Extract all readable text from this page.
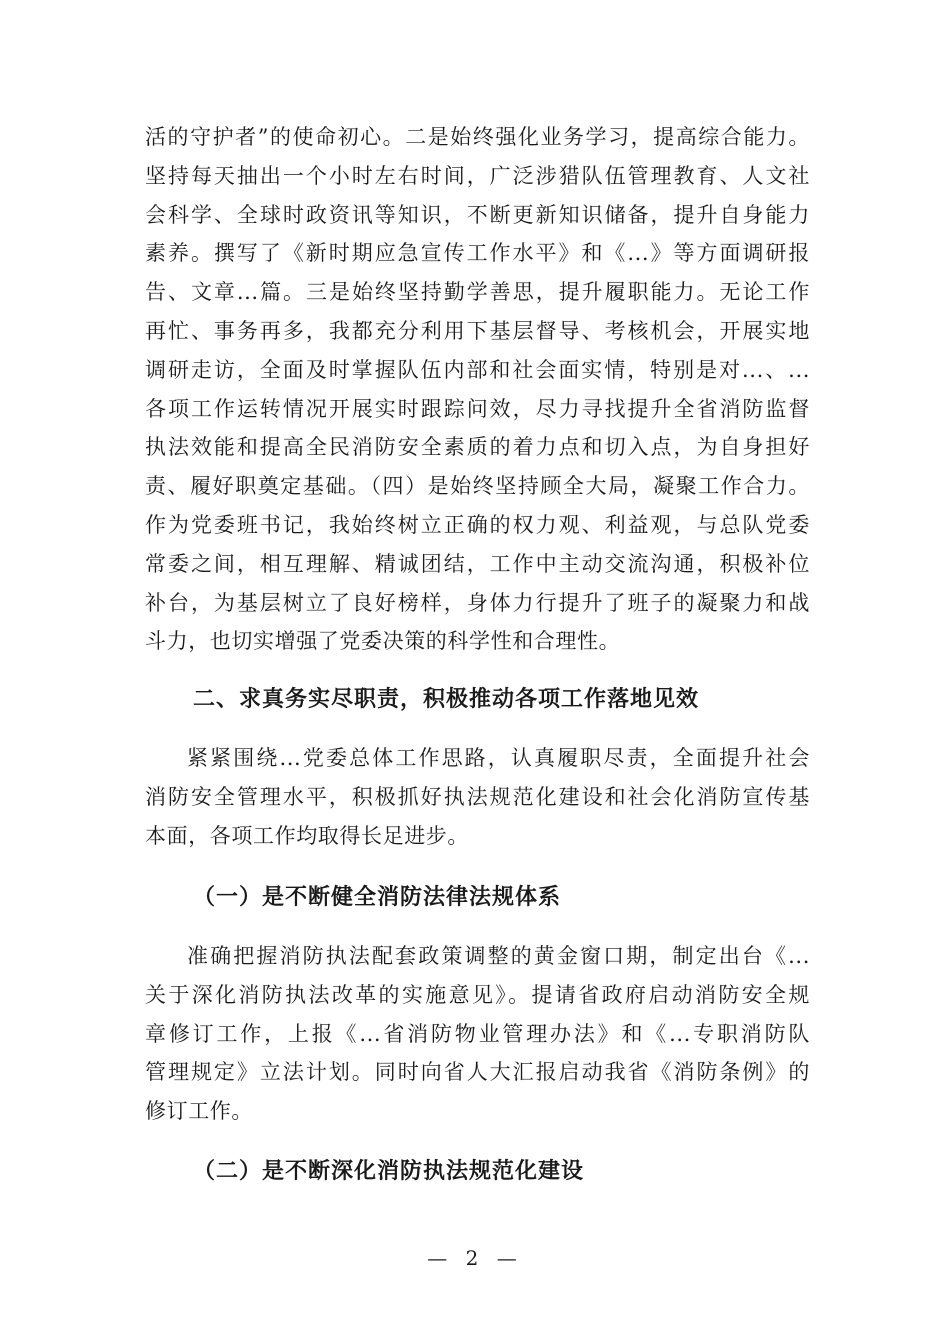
活的守护者”的使命初心。二是始终强化业务学习，提高综合能力。
坚持每天抽出一个小时左右时间，广泛涉猎队伍管理教育、人文社
会科学、全球时政资讯等知识，不断更新知识储备，提升自身能力
素养。撰写了《新时期应急宣传工作水平》和《...》等方面调研报
告、文章...篇。三是始终坚持勤学善思，提升履职能力。无论工作
再忙、事务再多，我都充分利用下基层督导、考核机会，开展实地
调研走访，全面及时掌握队伍内部和社会面实情，特别是对...、...
各项工作运转情况开展实时跟踪问效，尽力寻找提升全省消防监督
执法效能和提高全民消防安全素质的着力点和切入点，为自身担好
责、履好职奠定基础。（四）是始终坚持顾全大局，凝聚工作合力。
作为党委班书记，我始终树立正确的权力观、利益观，与总队党委
常委之间，相互理解、精诚团结，工作中主动交流沟通，积极补位
补台，为基层树立了良好榜样，身体力行提升了班子的凝聚力和战
斗力，也切实增强了党委决策的科学性和合理性。
二、求真务实尽职责，积极推动各项工作落地见效
紧紧围绕...党委总体工作思路，认真履职尽责，全面提升社会
消防安全管理水平，积极抓好执法规范化建设和社会化消防宣传基
本面，各项工作均取得长足进步。
（一）是不断健全消防法律法规体系
准确把握消防执法配套政策调整的黄金窗口期，制定出台《...
关于深化消防执法改革的实施意见》。提请省政府启动消防安全规
章修订工作，上报《...省消防物业管理办法》和《...专职消防队
管理规定》立法计划。同时向省人大汇报启动我省《消防条例》的
修订工作。
（二）是不断深化消防执法规范化建设
— 2 —
